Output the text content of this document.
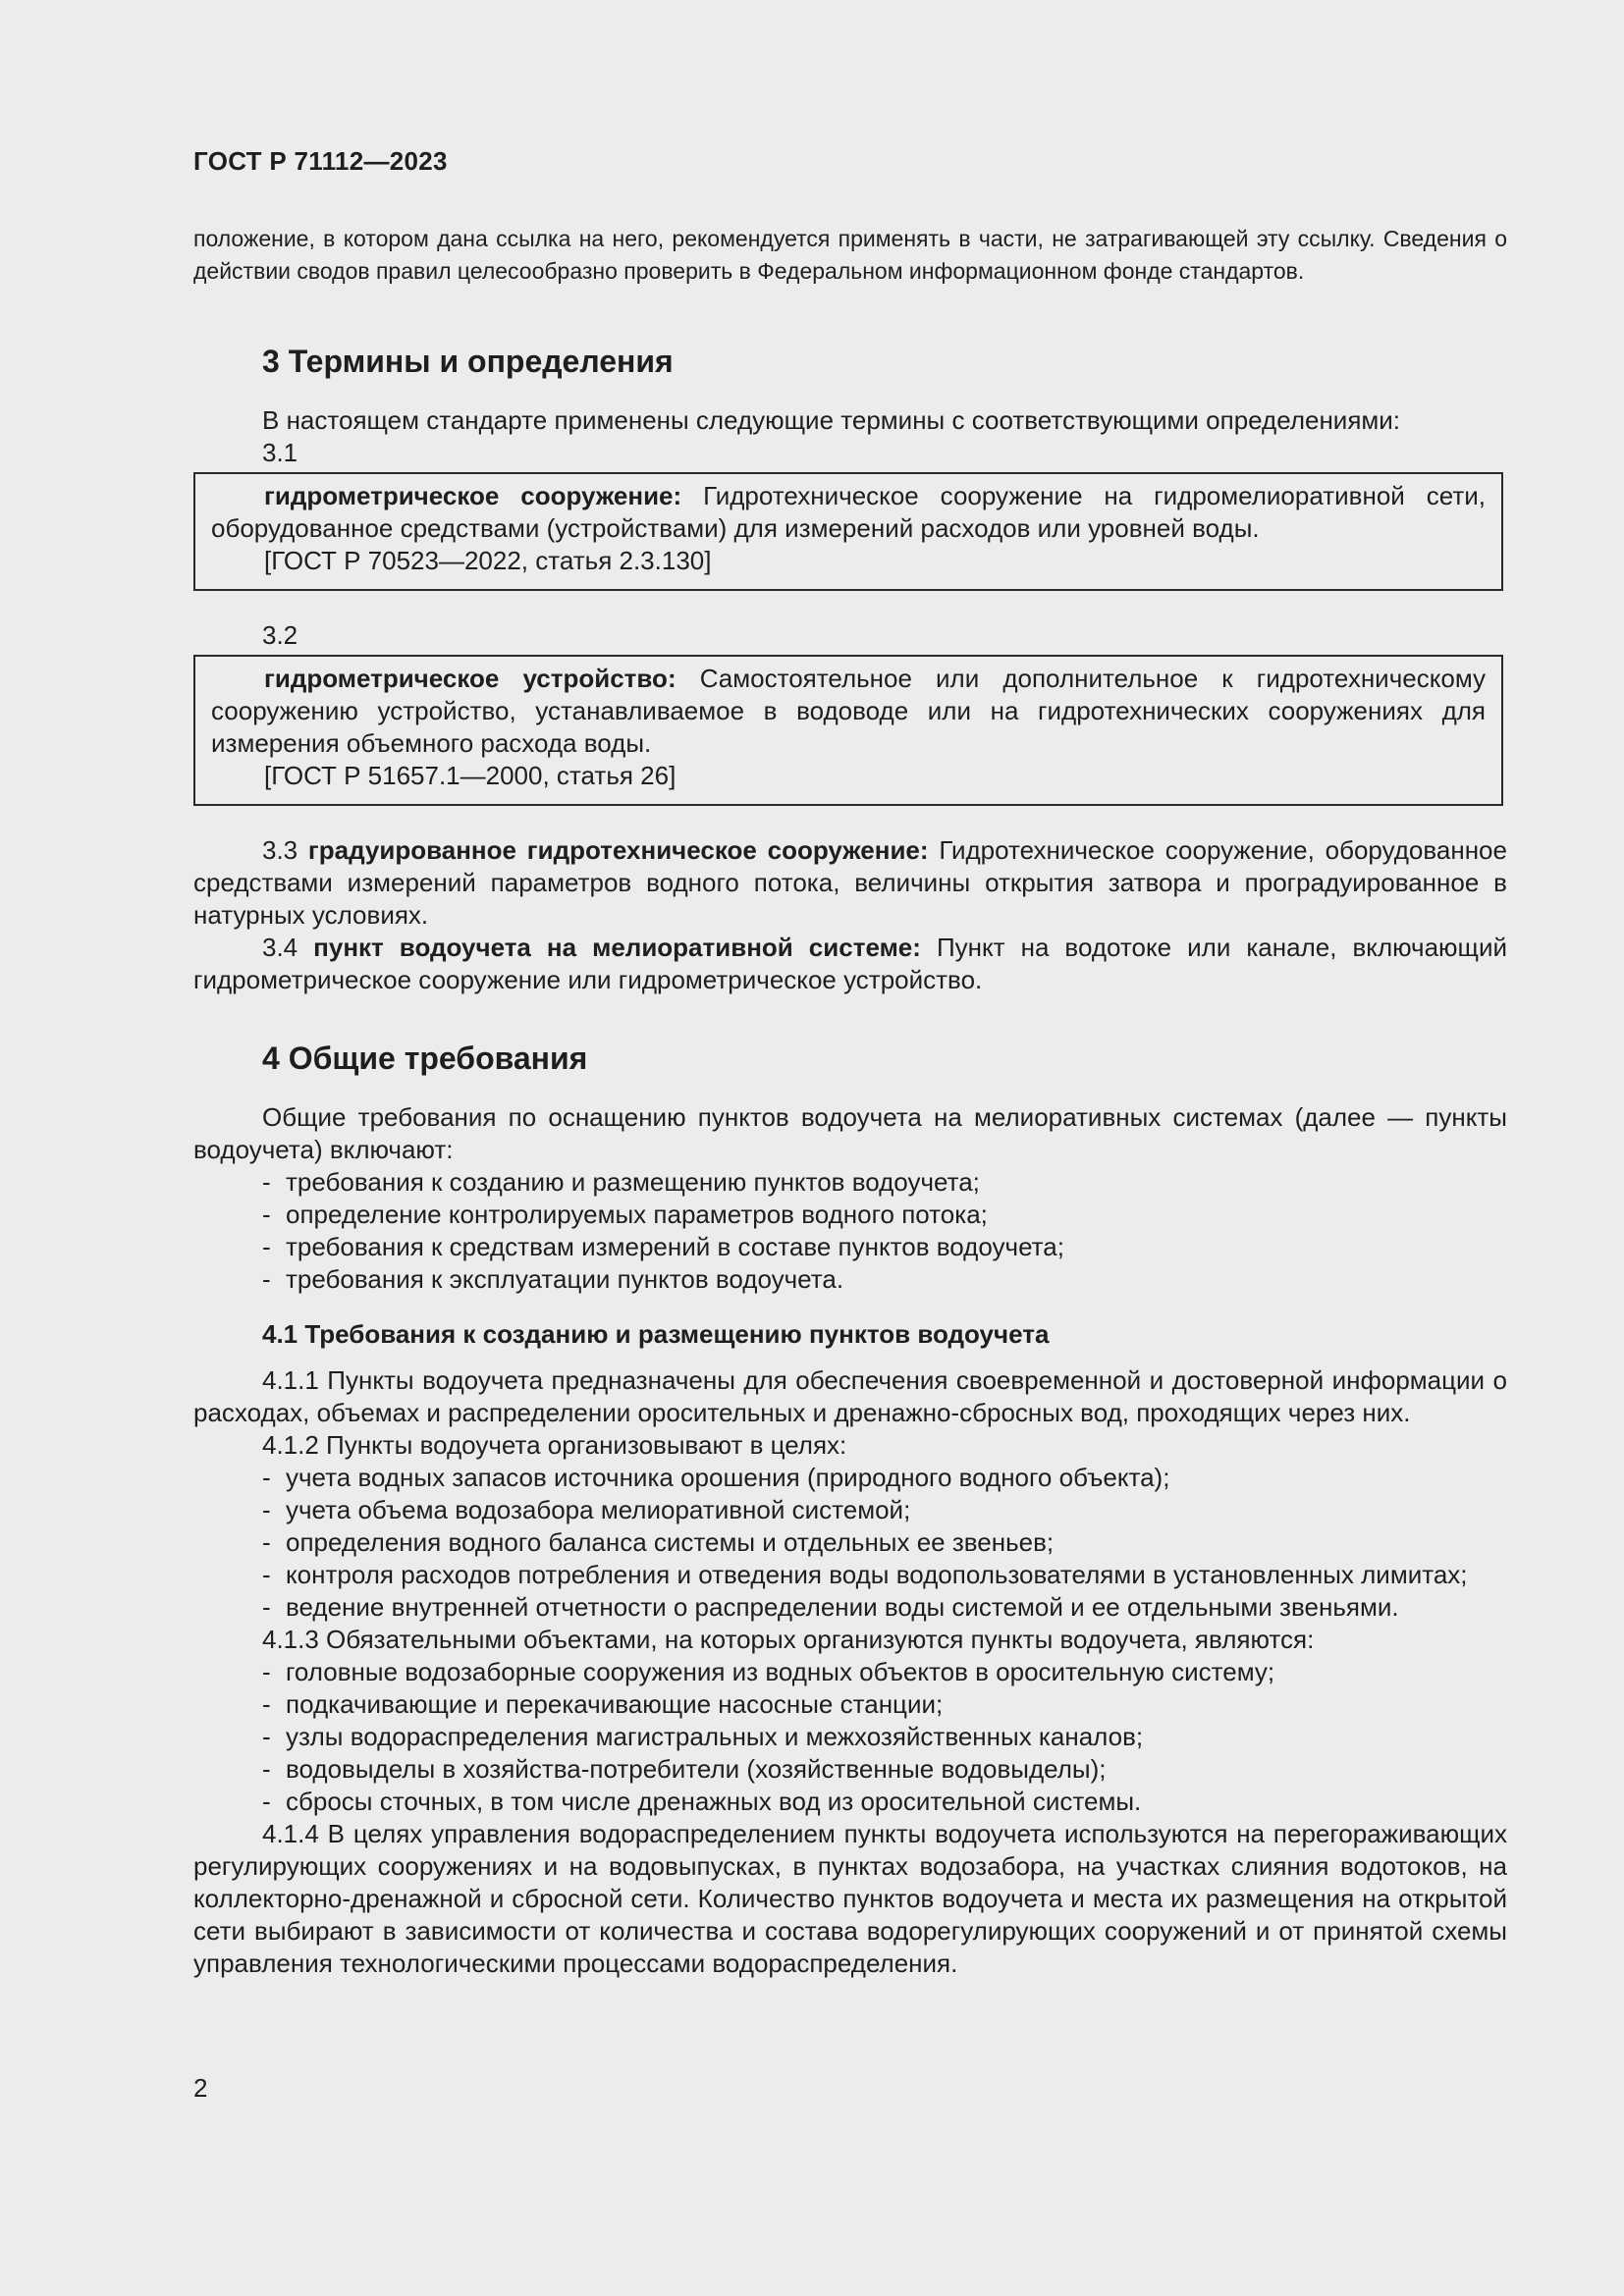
ГОСТ Р 71112—2023
положение, в котором дана ссылка на него, рекомендуется применять в части, не затрагивающей эту ссылку. Сведения о действии сводов правил целесообразно проверить в Федеральном информационном фонде стандартов.
3 Термины и определения

В настоящем стандарте применены следующие термины с соответствующими определениями:

3.1

гидрометрическое сооружение: Гидротехническое сооружение на гидромелиоративной сети, оборудованное средствами (устройствами) для измерений расходов или уровней воды.

[ГОСТ Р 70523—2022, статья 2.3.130]

3.2

гидрометрическое устройство: Самостоятельное или дополнительное к гидротехническому сооружению устройство, устанавливаемое в водоводе или на гидротехнических сооружениях для измерения объемного расхода воды.

[ГОСТ Р 51657.1—2000, статья 26]

3.3 градуированное гидротехническое сооружение: Гидротехническое сооружение, оборудованное средствами измерений параметров водного потока, величины открытия затвора и проградуированное в натурных условиях.

3.4 пункт водоучета на мелиоративной системе: Пункт на водотоке или канале, включающий гидрометрическое сооружение или гидрометрическое устройство.

4 Общие требования

Общие требования по оснащению пунктов водоучета на мелиоративных системах (далее — пункты водоучета) включают:

- требования к созданию и размещению пунктов водоучета;

- определение контролируемых параметров водного потока;

- требования к средствам измерений в составе пунктов водоучета;

- требования к эксплуатации пунктов водоучета.

4.1 Требования к созданию и размещению пунктов водоучета

4.1.1 Пункты водоучета предназначены для обеспечения своевременной и достоверной информации о расходах, объемах и распределении оросительных и дренажно-сбросных вод, проходящих через них.

4.1.2 Пункты водоучета организовывают в целях:

- учета водных запасов источника орошения (природного водного объекта);

- учета объема водозабора мелиоративной системой;

- определения водного баланса системы и отдельных ее звеньев;

- контроля расходов потребления и отведения воды водопользователями в установленных лимитах;

- ведение внутренней отчетности о распределении воды системой и ее отдельными звеньями.

4.1.3 Обязательными объектами, на которых организуются пункты водоучета, являются:

- головные водозаборные сооружения из водных объектов в оросительную систему;

- подкачивающие и перекачивающие насосные станции;

- узлы водораспределения магистральных и межхозяйственных каналов;

- водовыделы в хозяйства-потребители (хозяйственные водовыделы);

- сбросы сточных, в том числе дренажных вод из оросительной системы.

4.1.4 В целях управления водораспределением пункты водоучета используются на перегораживающих регулирующих сооружениях и на водовыпусках, в пунктах водозабора, на участках слияния водотоков, на коллекторно-дренажной и сбросной сети. Количество пунктов водоучета и места их размещения на открытой сети выбирают в зависимости от количества и состава водорегулирующих сооружений и от принятой схемы управления технологическими процессами водораспределения.

2
